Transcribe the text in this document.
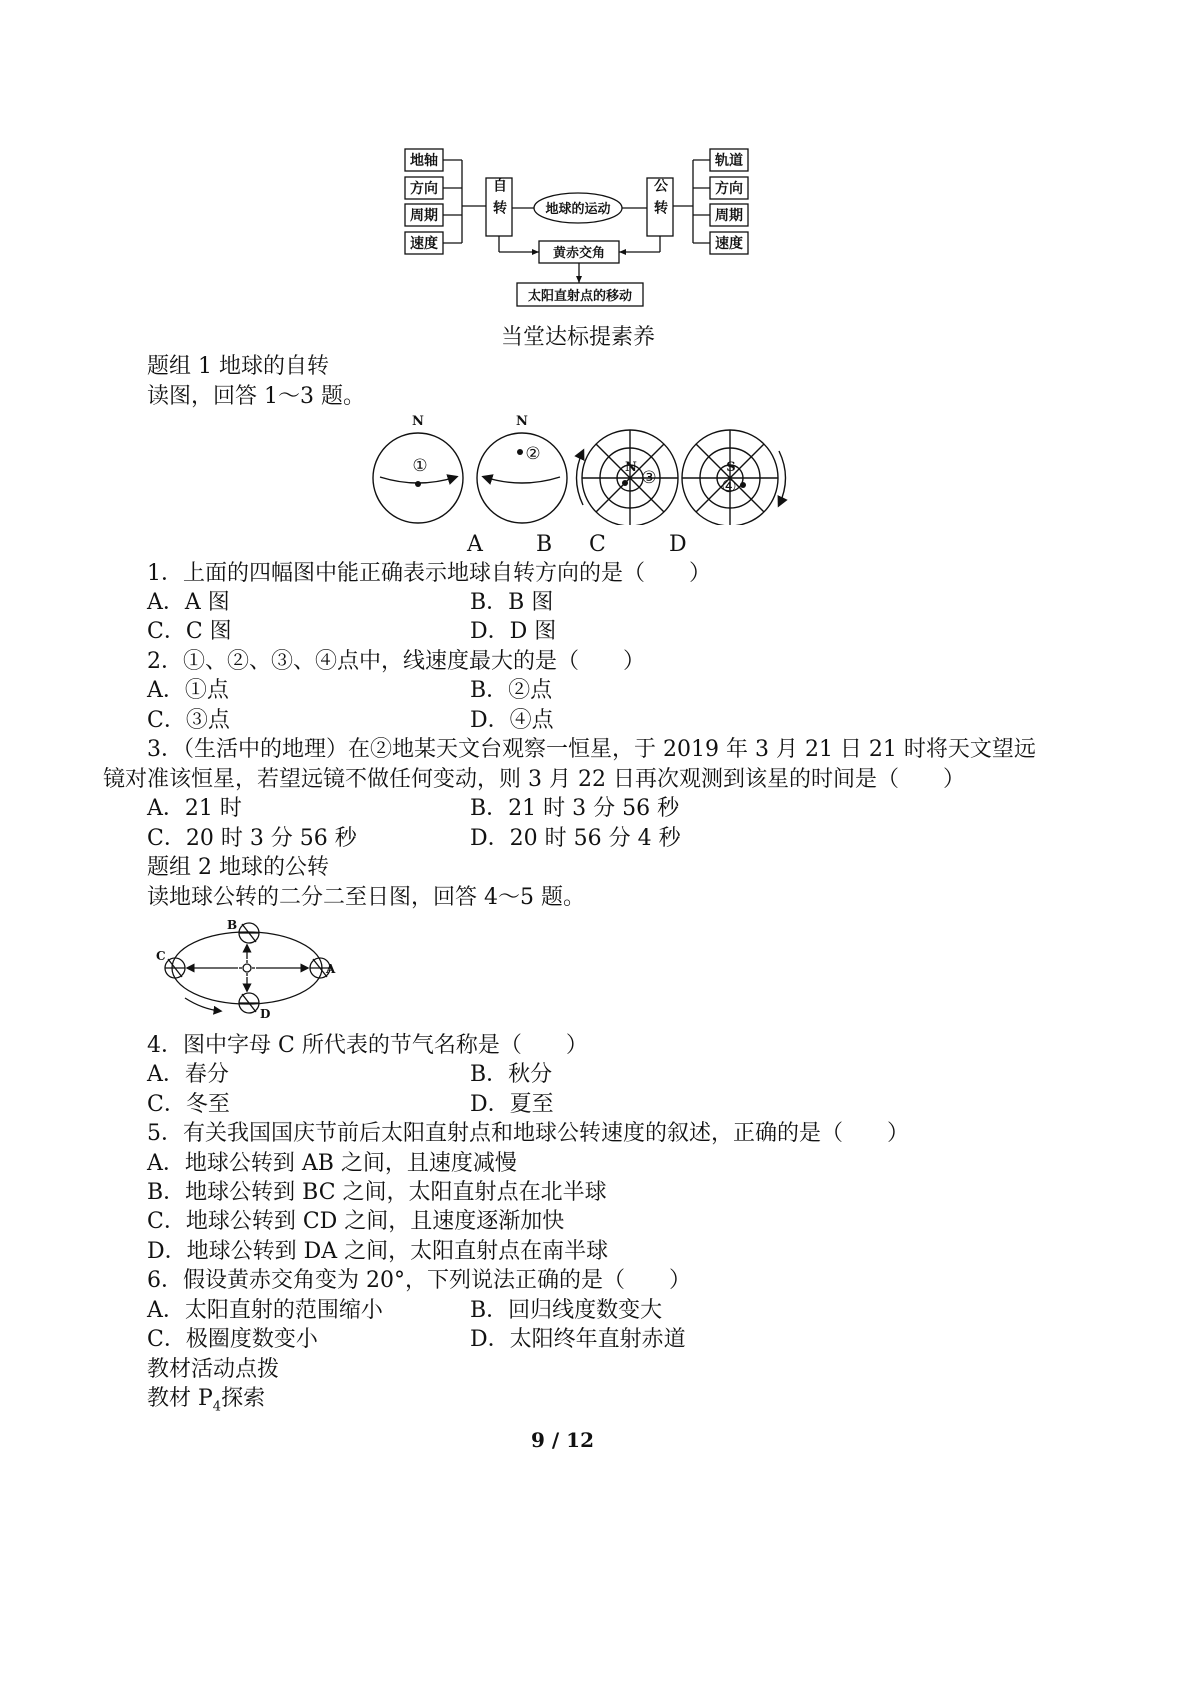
地轴
方向
周期
速度
轨道
方向
周期
速度
地球的运动
黄赤交角
太阳直射点的移动
自转	公转
当堂达标提素养
题组 1 地球的自转
读图，回答 1～3 题。
N	N
N	S
①
②
③	④
A B C	D
1．上面的四幅图中能正确表示地球自转方向的是（　　）
A．A 图	B．B 图
C．C 图	D．D 图
2．①、②、③、④点中，线速度最大的是（　　）
A．①点	B．②点
C．③点	D．④点
3．（生活中的地理）在②地某天文台观察一恒星，于 2019 年 3 月 21 日 21 时将天文望远
镜对准该恒星，若望远镜不做任何变动，则 3 月 22 日再次观测到该星的时间是（　　）
A．21 时	B．21 时 3 分 56 秒
C．20 时 3 分 56 秒	D．20 时 56 分 4 秒
题组 2 地球的公转
读地球公转的二分二至日图，回答 4～5 题。
A
B
C
D
4．图中字母 C 所代表的节气名称是（　　）
A．春分	B．秋分
C．冬至	D．夏至
5．有关我国国庆节前后太阳直射点和地球公转速度的叙述，正确的是（　　）
A．地球公转到 AB 之间，且速度减慢
B．地球公转到 BC 之间，太阳直射点在北半球
C．地球公转到 CD 之间，且速度逐渐加快
D．地球公转到 DA 之间，太阳直射点在南半球
6．假设黄赤交角变为 20°，下列说法正确的是（　　）
A．太阳直射的范围缩小	B．回归线度数变大
C．极圈度数变小	D．太阳终年直射赤道
教材活动点拨
教材 $P_4$探索
9 / 12
